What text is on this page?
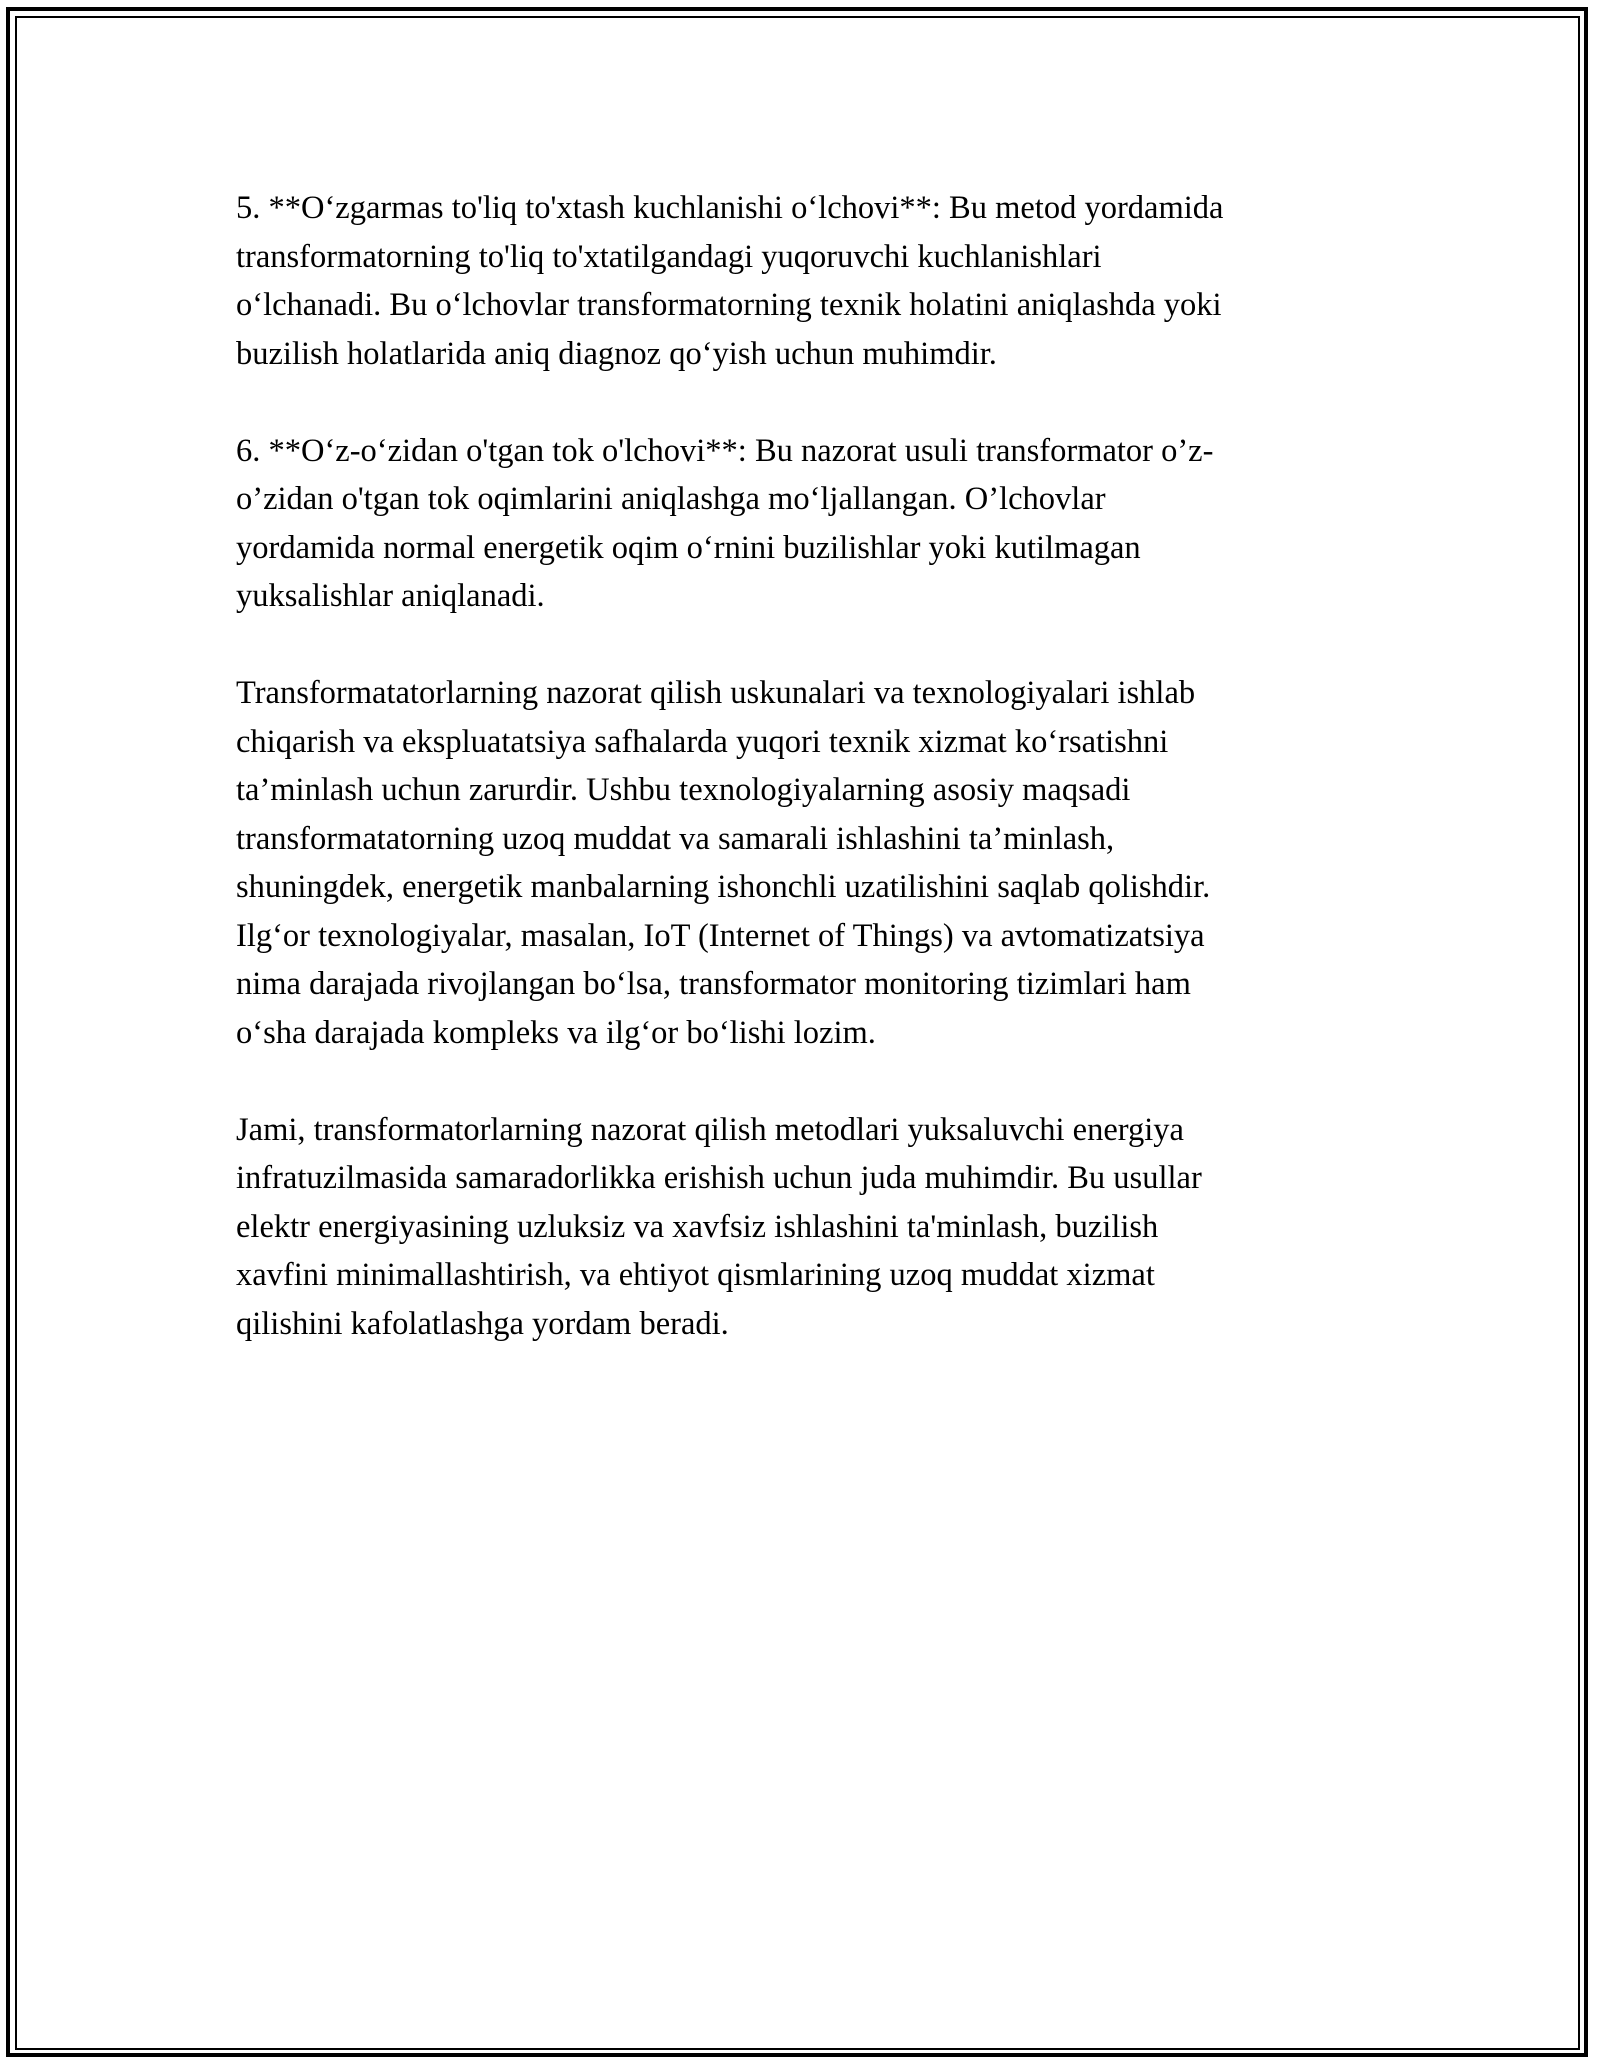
5. **O‘zgarmas to'liq to'xtash kuchlanishi o‘lchovi**: Bu metod yordamida
transformatorning to'liq to'xtatilgandagi yuqoruvchi kuchlanishlari
o‘lchanadi. Bu o‘lchovlar transformatorning texnik holatini aniqlashda yoki
buzilish holatlarida aniq diagnoz qo‘yish uchun muhimdir.

6. **O‘z-o‘zidan o'tgan tok o'lchovi**: Bu nazorat usuli transformator o’z-
o’zidan o'tgan tok oqimlarini aniqlashga mo‘ljallangan. O’lchovlar
yordamida normal energetik oqim o‘rnini buzilishlar yoki kutilmagan
yuksalishlar aniqlanadi.

Transformatatorlarning nazorat qilish uskunalari va texnologiyalari ishlab
chiqarish va ekspluatatsiya safhalarda yuqori texnik xizmat ko‘rsatishni
ta’minlash uchun zarurdir. Ushbu texnologiyalarning asosiy maqsadi
transformatatorning uzoq muddat va samarali ishlashini ta’minlash,
shuningdek, energetik manbalarning ishonchli uzatilishini saqlab qolishdir.
Ilg‘or texnologiyalar, masalan, IoT (Internet of Things) va avtomatizatsiya
nima darajada rivojlangan bo‘lsa, transformator monitoring tizimlari ham
o‘sha darajada kompleks va ilg‘or bo‘lishi lozim.

Jami, transformatorlarning nazorat qilish metodlari yuksaluvchi energiya
infratuzilmasida samaradorlikka erishish uchun juda muhimdir. Bu usullar
elektr energiyasining uzluksiz va xavfsiz ishlashini ta'minlash, buzilish
xavfini minimallashtirish, va ehtiyot qismlarining uzoq muddat xizmat
qilishini kafolatlashga yordam beradi.
